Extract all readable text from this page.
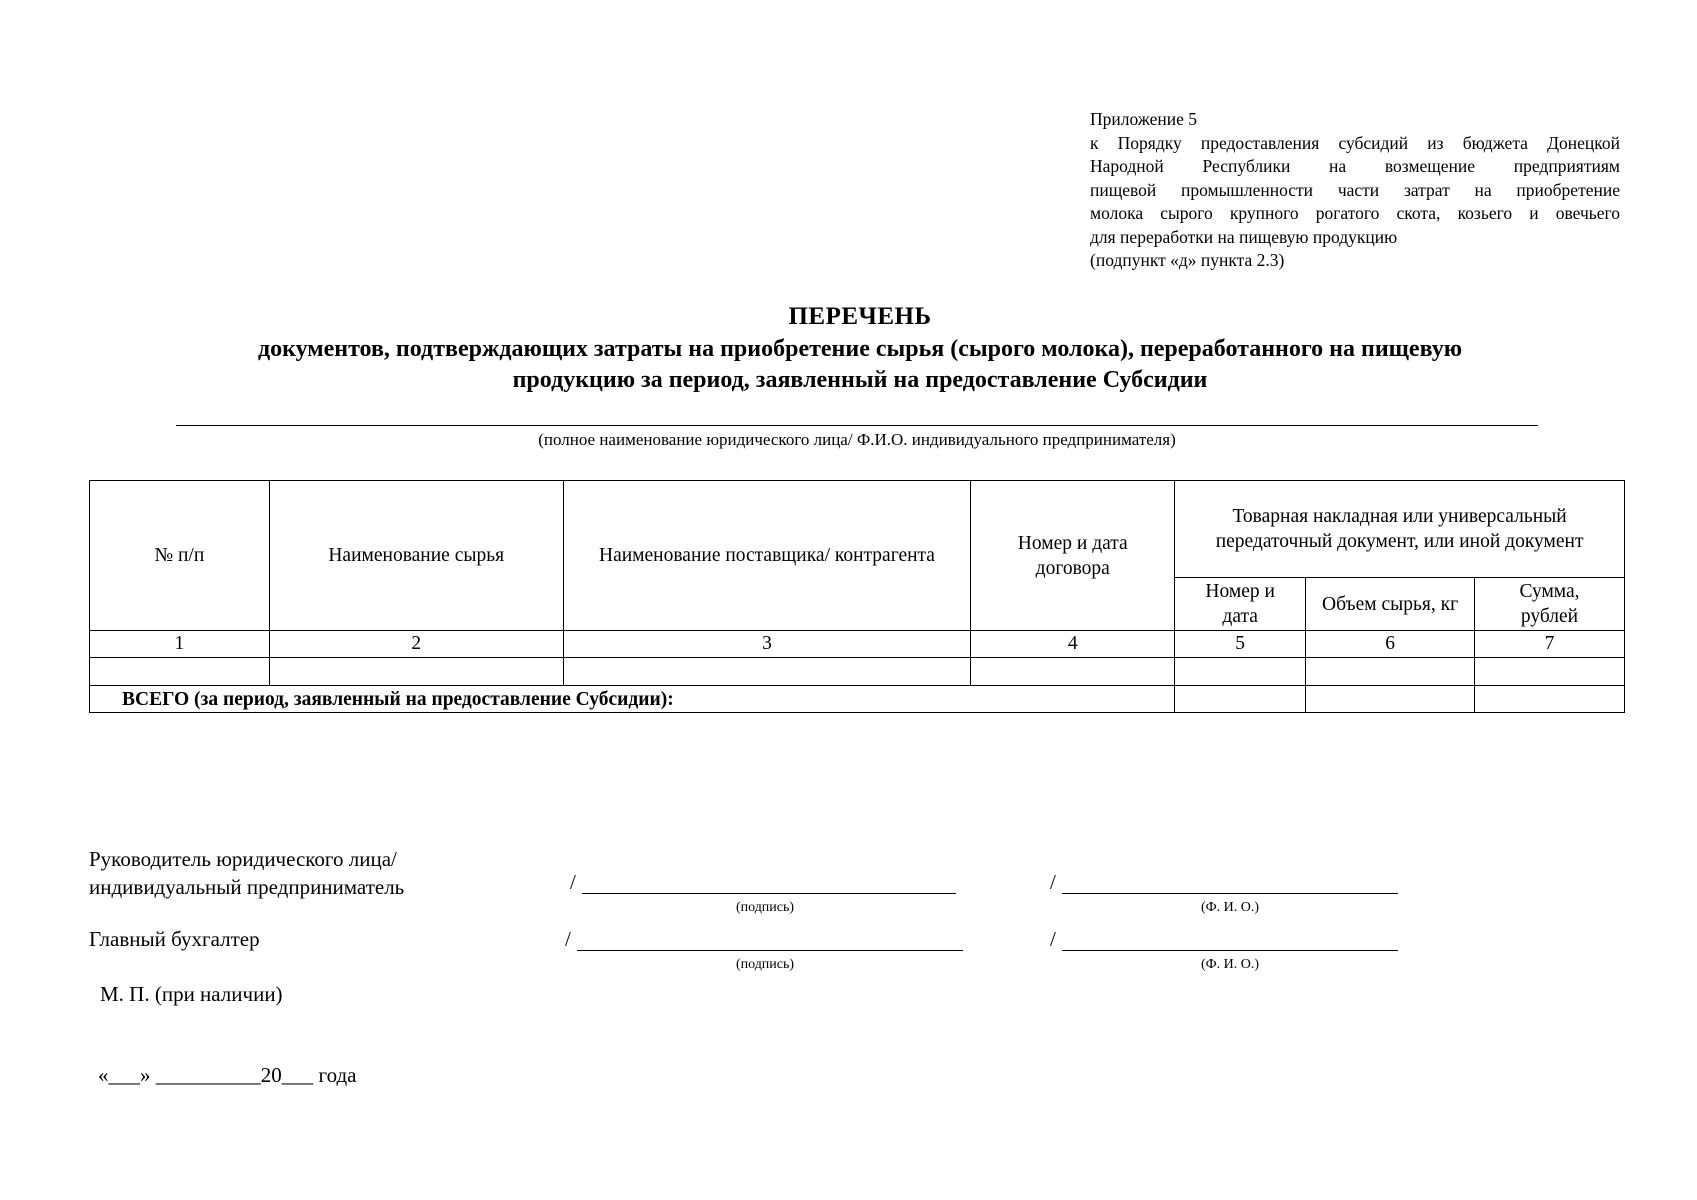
Приложение 5
к Порядку предоставления субсидий из бюджета Донецкой
Народной Республики на возмещение предприятиям
пищевой промышленности части затрат на приобретение
молока сырого крупного рогатого скота, козьего и овечьего
для переработки на пищевую продукцию
(подпункт «д» пункта 2.3)
ПЕРЕЧЕНЬ
документов, подтверждающих затраты на приобретение сырья (сырого молока), переработанного на пищевую
продукцию за период, заявленный на предоставление Субсидии
(полное наименование юридического лица/ Ф.И.О. индивидуального предпринимателя)
№ п/п	Наименование сырья	Наименование поставщика/ контрагента	Номер и дата договора	Товарная накладная или универсальный передаточный документ, или иной документ		
				Номер и дата	Объем сырья, кг	Сумма, рублей
1	2	3	4	5	6	7

ВСЕГО (за период, заявленный на предоставление Субсидии):						
Руководитель юридического лица/
индивидуальный предприниматель	/
(подпись)
/
(Ф. И. О.)
Главный бухгалтер	/
(подпись)
/
(Ф. И. О.)
М. П. (при наличии)
«___» __________20___ года
